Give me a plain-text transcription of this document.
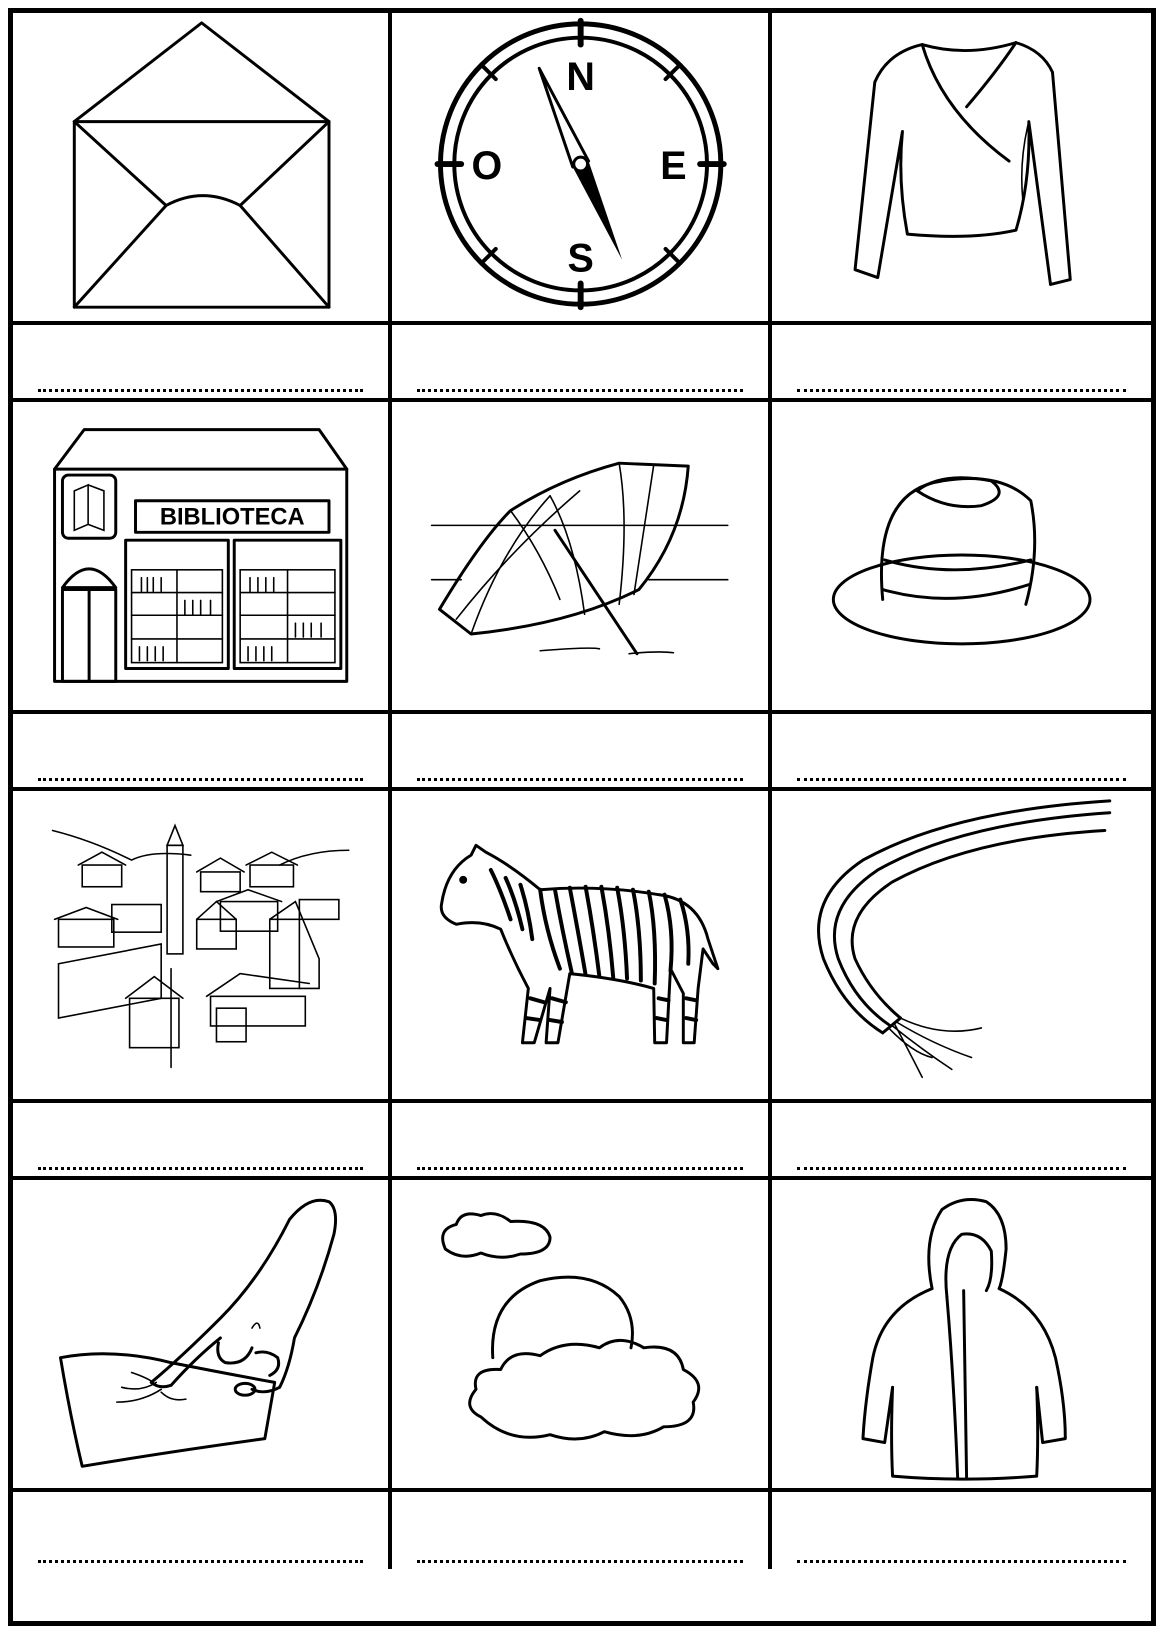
N
O	E
S
BIBLIOTECA
